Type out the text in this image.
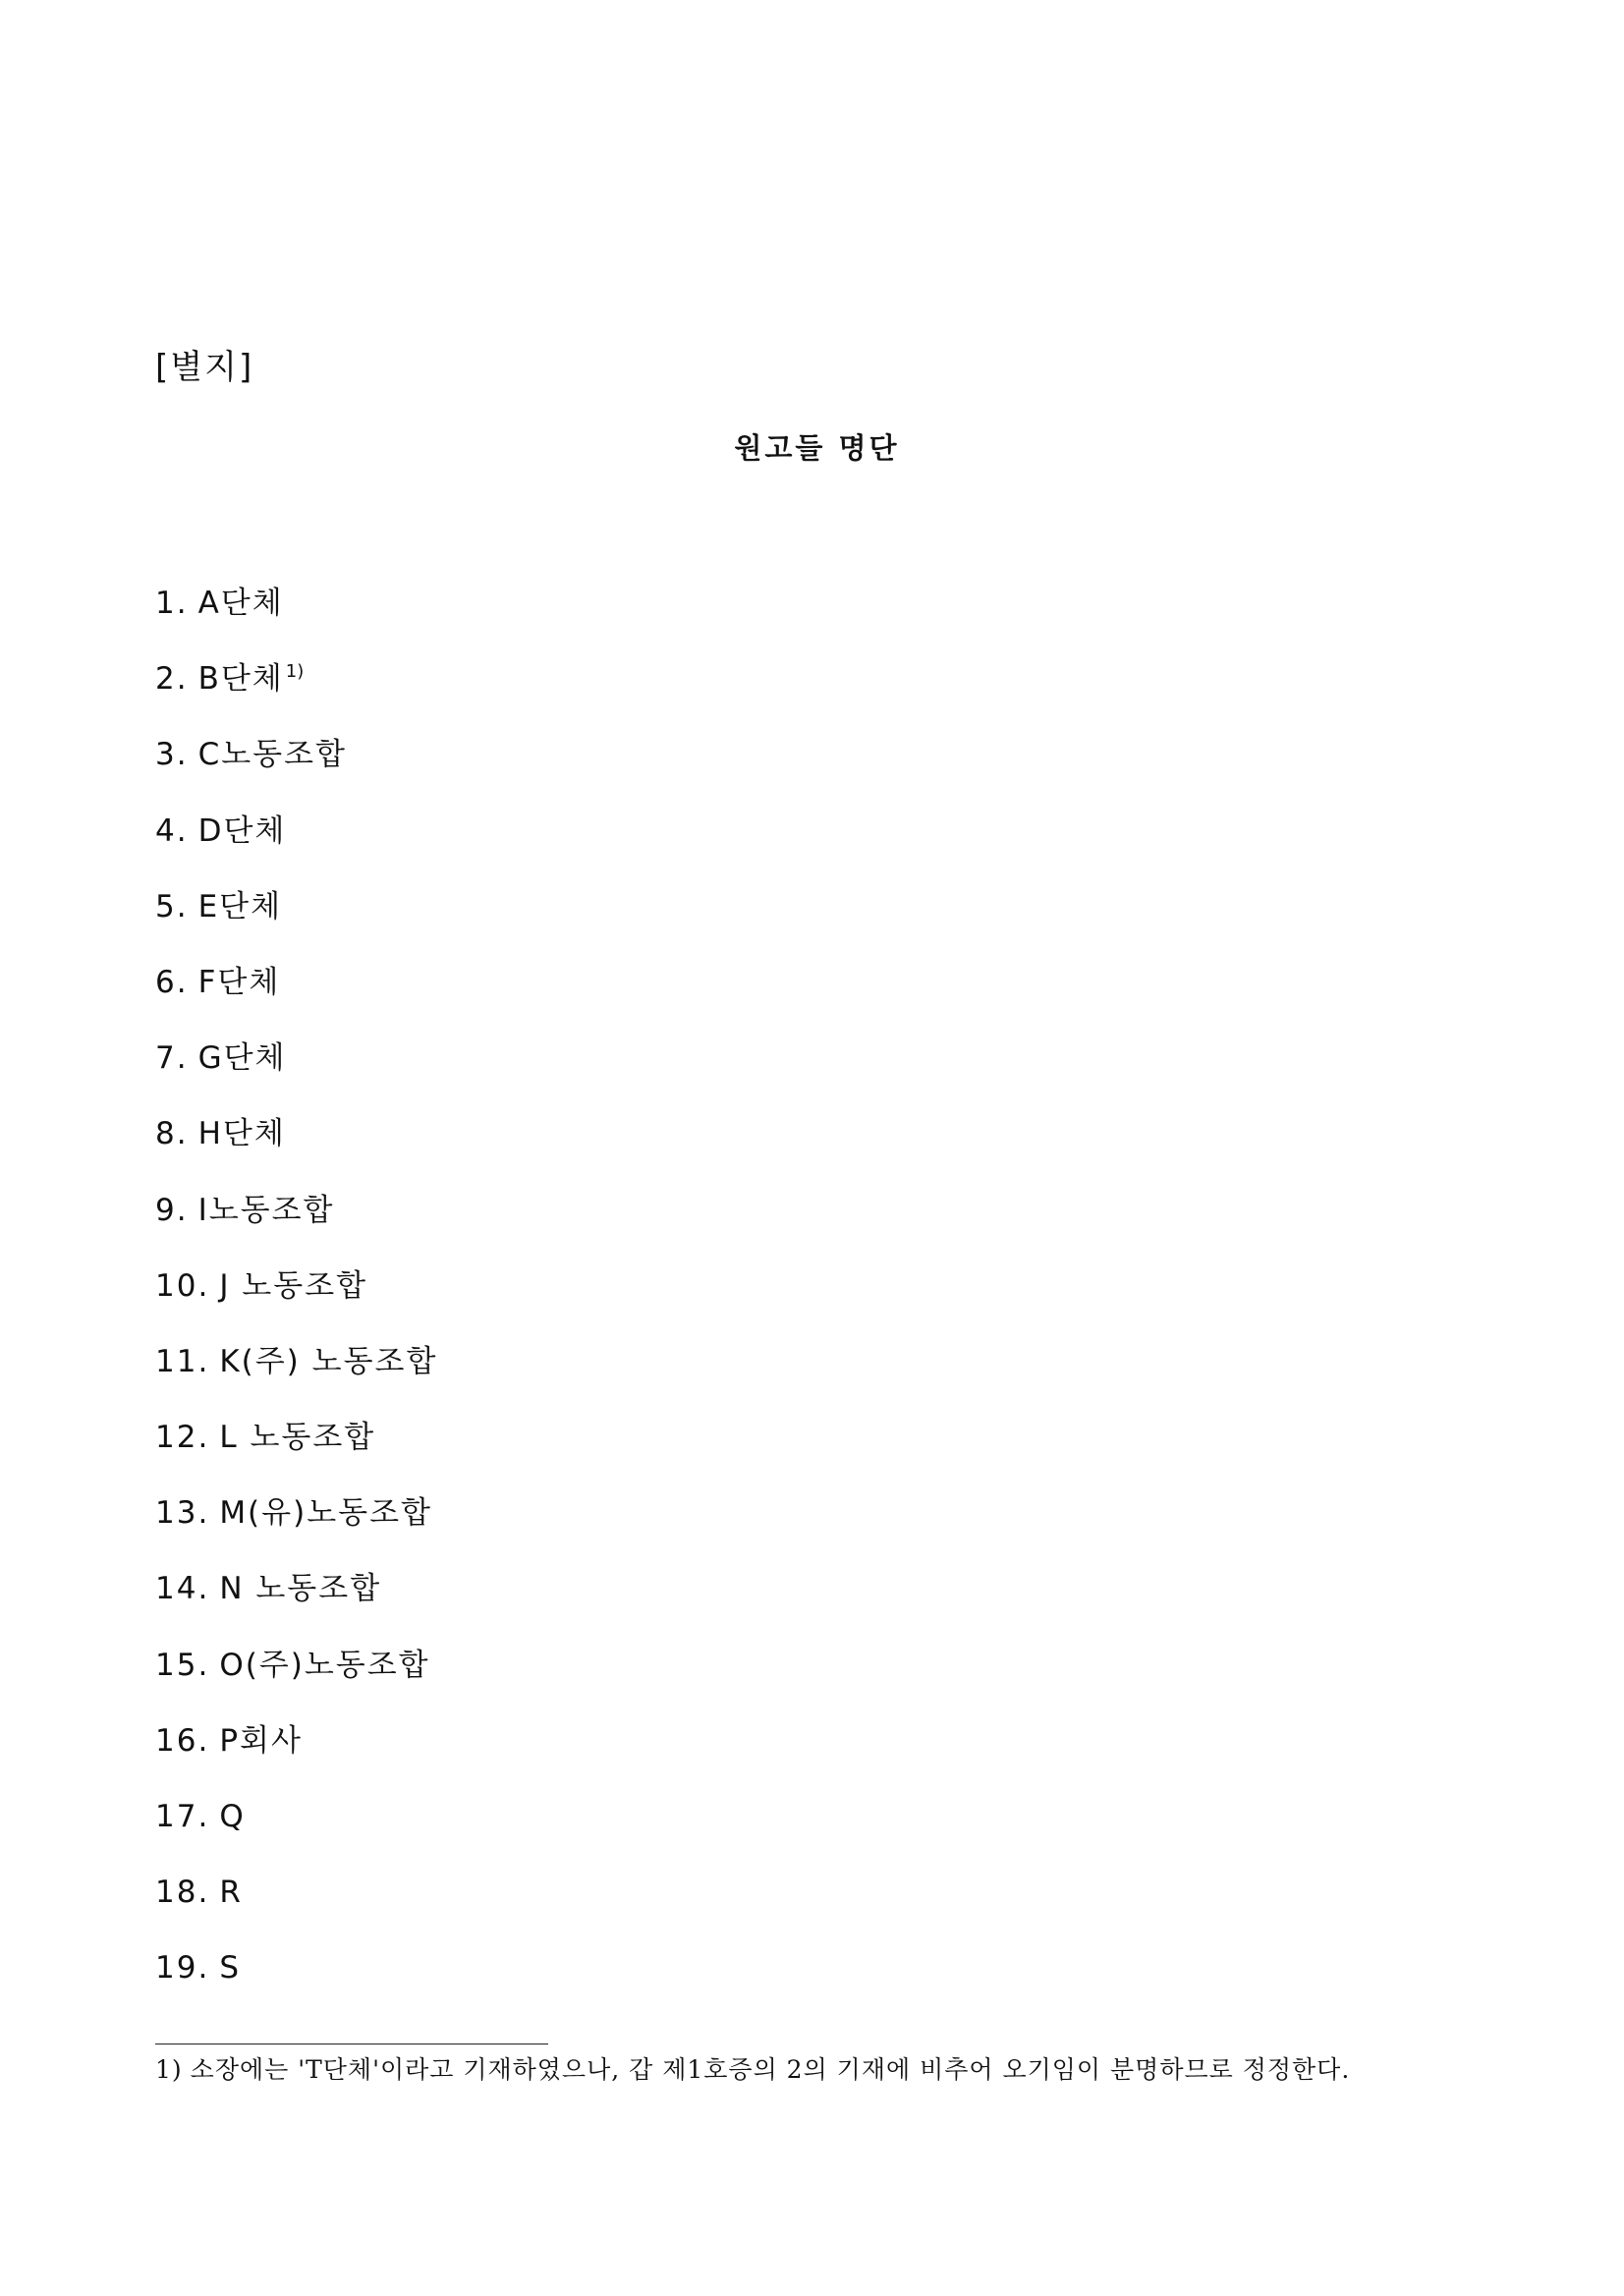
[별지]
원고들 명단
1. A단체
2. B단체 $^{1)}$
3. C노동조합
4. D단체
5. E단체
6. F단체
7. G단체
8. H단체
9. I노동조합
10. J 노동조합
11. K(주) 노동조합
12. L 노동조합
13. M(유)노동조합
14. N 노동조합
15. O(주)노동조합
16. P회사
17. Q
18. R
19. S
1) 소장에는 'T단체'이라고 기재하였으나, 갑 제1호증의 2의 기재에 비추어 오기임이 분명하므로 정정한다.
